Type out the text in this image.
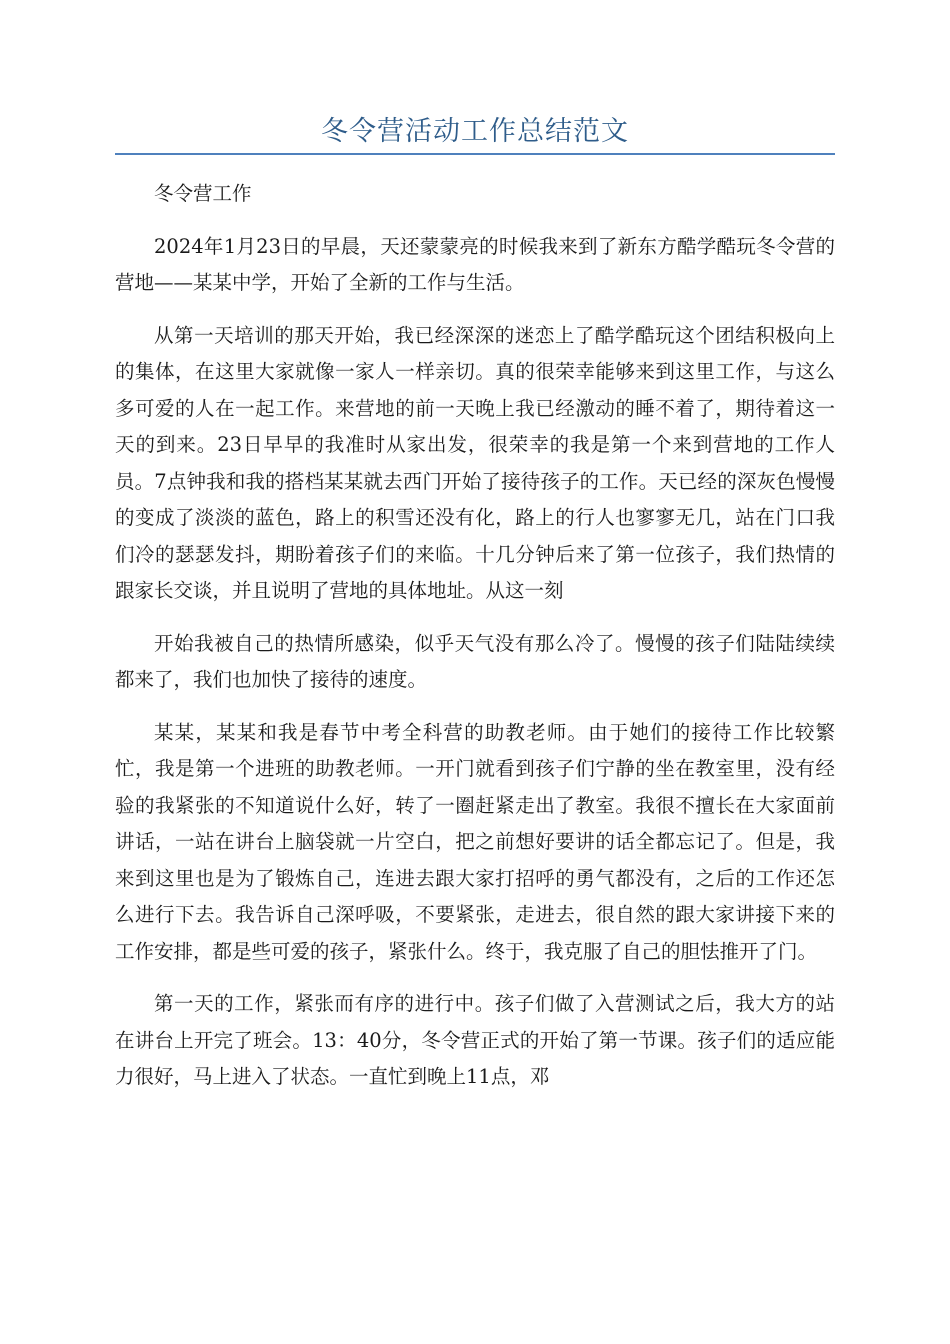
冬令营活动工作总结范文

冬令营工作

2024年1月23日的早晨，天还蒙蒙亮的时候我来到了新东方酷学酷玩冬令营的营地——某某中学，开始了全新的工作与生活。

从第一天培训的那天开始，我已经深深的迷恋上了酷学酷玩这个团结积极向上的集体，在这里大家就像一家人一样亲切。真的很荣幸能够来到这里工作，与这么多可爱的人在一起工作。来营地的前一天晚上我已经激动的睡不着了，期待着这一天的到来。23日早早的我准时从家出发，很荣幸的我是第一个来到营地的工作人员。7点钟我和我的搭档某某就去西门开始了接待孩子的工作。天已经的深灰色慢慢的变成了淡淡的蓝色，路上的积雪还没有化，路上的行人也寥寥无几，站在门口我们冷的瑟瑟发抖，期盼着孩子们的来临。十几分钟后来了第一位孩子，我们热情的跟家长交谈，并且说明了营地的具体地址。从这一刻

开始我被自己的热情所感染，似乎天气没有那么冷了。慢慢的孩子们陆陆续续都来了，我们也加快了接待的速度。

某某，某某和我是春节中考全科营的助教老师。由于她们的接待工作比较繁忙，我是第一个进班的助教老师。一开门就看到孩子们宁静的坐在教室里，没有经验的我紧张的不知道说什么好，转了一圈赶紧走出了教室。我很不擅长在大家面前讲话，一站在讲台上脑袋就一片空白，把之前想好要讲的话全都忘记了。但是，我来到这里也是为了锻炼自己，连进去跟大家打招呼的勇气都没有，之后的工作还怎么进行下去。我告诉自己深呼吸，不要紧张，走进去，很自然的跟大家讲接下来的工作安排，都是些可爱的孩子，紧张什么。终于，我克服了自己的胆怯推开了门。

第一天的工作，紧张而有序的进行中。孩子们做了入营测试之后，我大方的站在讲台上开完了班会。13：40分，冬令营正式的开始了第一节课。孩子们的适应能力很好，马上进入了状态。一直忙到晚上11点，邓
